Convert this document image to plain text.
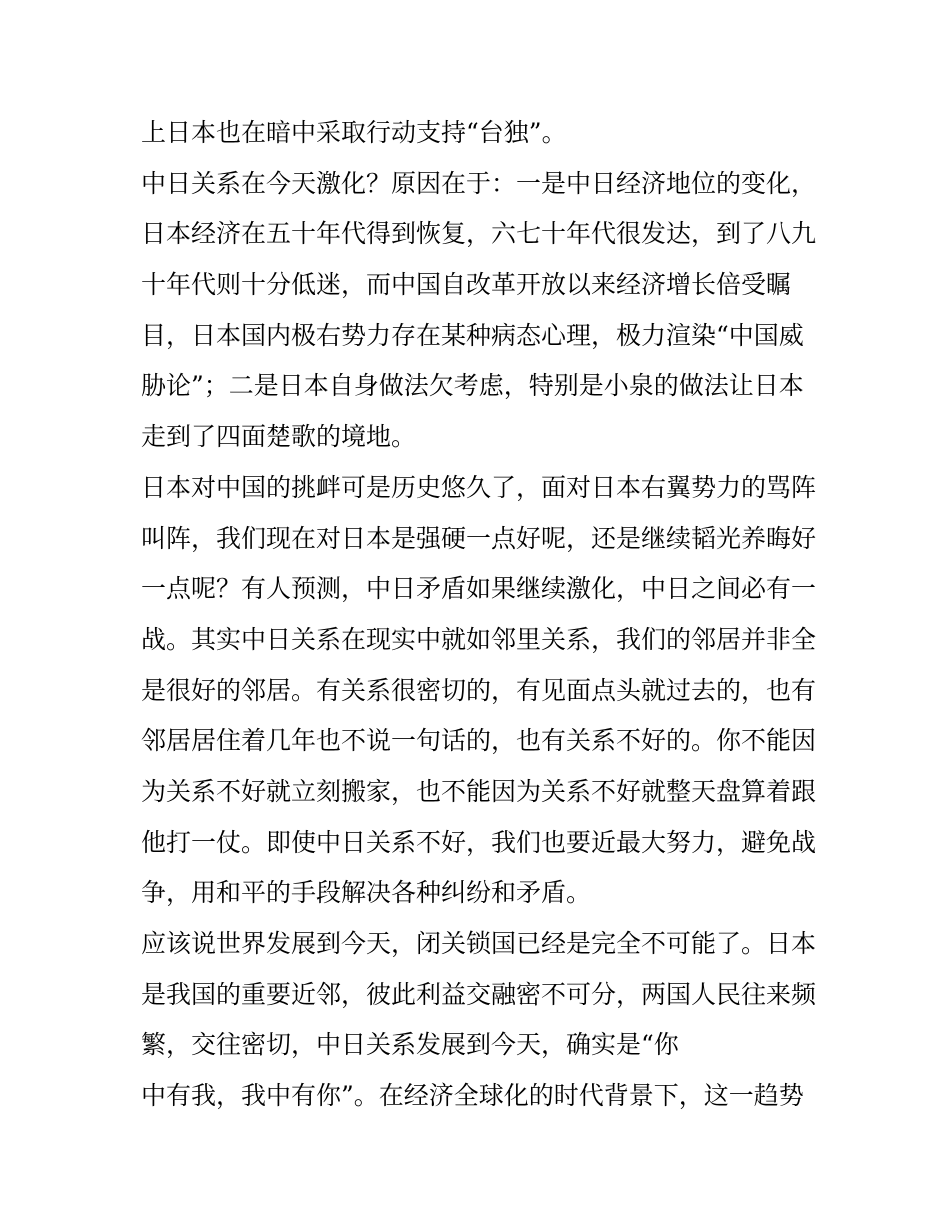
上日本也在暗中采取行动支持“台独”。
中日关系在今天激化？原因在于：一是中日经济地位的变化，
日本经济在五十年代得到恢复，六七十年代很发达，到了八九
十年代则十分低迷，而中国自改革开放以来经济增长倍受瞩
目，日本国内极右势力存在某种病态心理，极力渲染“中国威
胁论”；二是日本自身做法欠考虑，特别是小泉的做法让日本
走到了四面楚歌的境地。
日本对中国的挑衅可是历史悠久了，面对日本右翼势力的骂阵
叫阵，我们现在对日本是强硬一点好呢，还是继续韬光养晦好
一点呢？有人预测，中日矛盾如果继续激化，中日之间必有一
战。其实中日关系在现实中就如邻里关系，我们的邻居并非全
是很好的邻居。有关系很密切的，有见面点头就过去的，也有
邻居居住着几年也不说一句话的，也有关系不好的。你不能因
为关系不好就立刻搬家，也不能因为关系不好就整天盘算着跟
他打一仗。即使中日关系不好，我们也要近最大努力，避免战
争，用和平的手段解决各种纠纷和矛盾。
应该说世界发展到今天，闭关锁国已经是完全不可能了。日本
是我国的重要近邻，彼此利益交融密不可分，两国人民往来频
繁，交往密切，中日关系发展到今天，确实是“你
中有我，我中有你”。在经济全球化的时代背景下，这一趋势
